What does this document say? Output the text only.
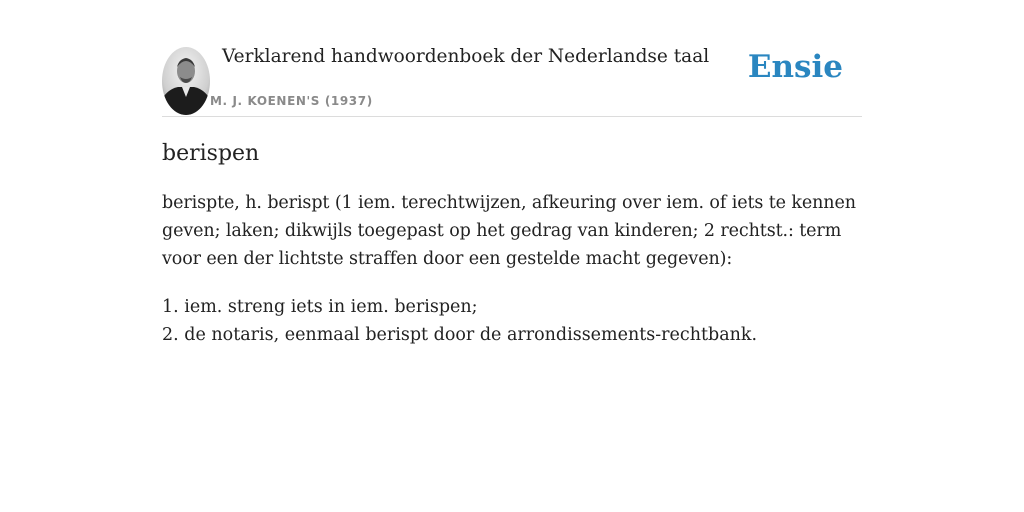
Verklarend handwoordenboek der Nederlandse taal
M. J. KOENEN'S (1937)
Ensie
berispen

berispte, h. berispt (1 iem. terechtwijzen, afkeuring over iem. of iets te kennen geven; laken; dikwijls toegepast op het gedrag van kinderen; 2 rechtst.: term voor een der lichtste straffen door een gestelde macht gegeven):

1. iem. streng iets in iem. berispen;
2. de notaris, eenmaal berispt door de arrondissements-rechtbank.
